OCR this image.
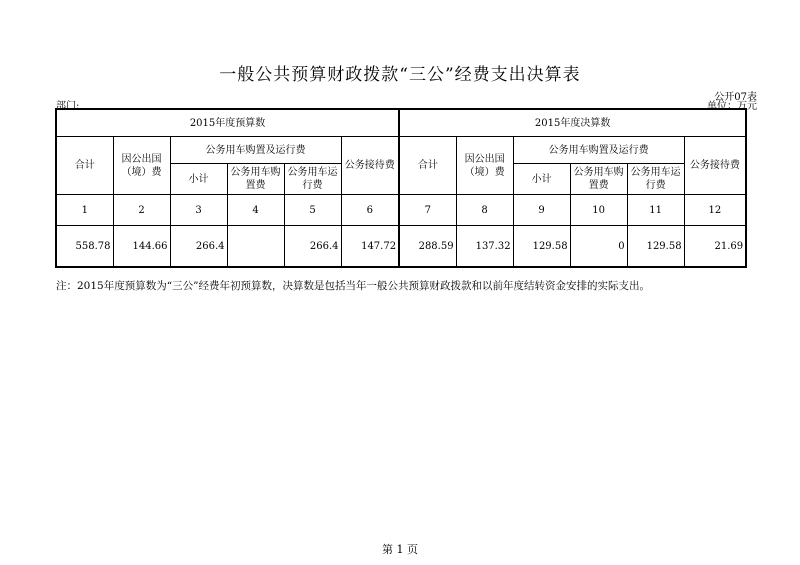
一般公共预算财政拨款“三公”经费支出决算表
公开07表
部门:	单位：万元
2015年度预算数						2015年度决算数					
合计	因公出国（境）费	公务用车购置及运行费			公务接待费	合计	因公出国（境）费	公务用车购置及运行费			公务接待费
		小计	公务用车购置费	公务用车运行费				小计	公务用车购置费	公务用车运行费	
1	2	3	4	5	6	7	8	9	10	11	12
558.78	144.66	266.4		266.4	147.72	288.59	137.32	129.58	0	129.58	21.69
注：2015年度预算数为“三公”经费年初预算数，决算数是包括当年一般公共预算财政拨款和以前年度结转资金安排的实际支出。
第 1 页
